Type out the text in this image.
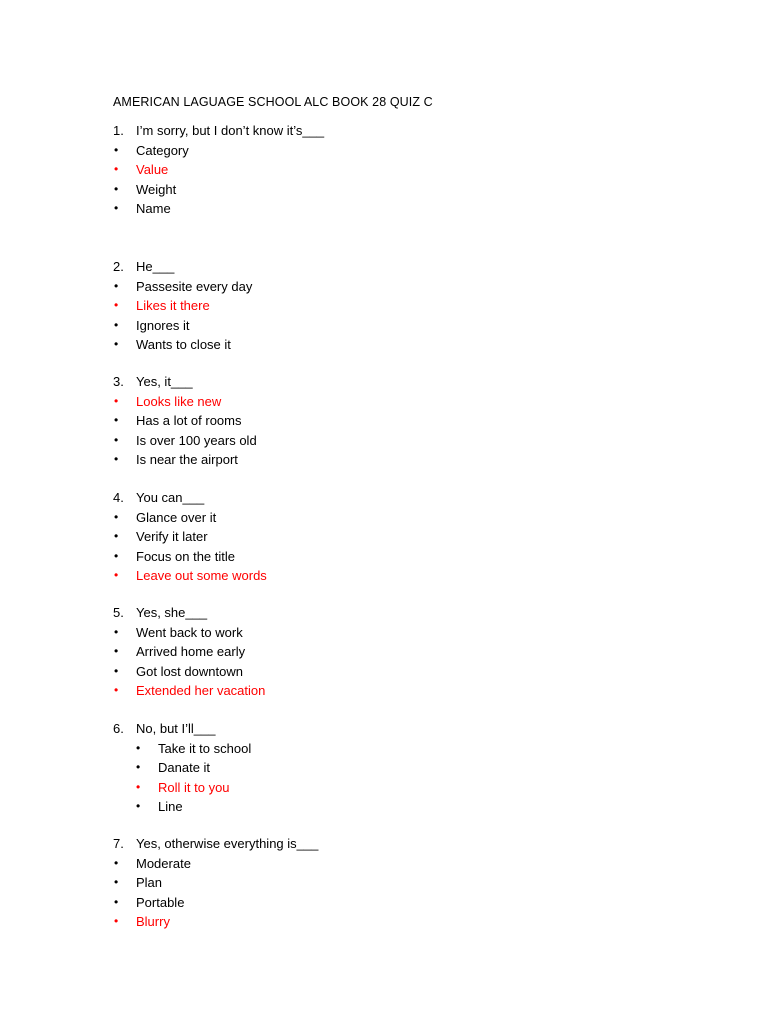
AMERICAN LAGUAGE SCHOOL ALC BOOK 28 QUIZ C
1. I’m sorry, but I don’t know it’s___
• Category
• Value
• Weight
• Name
2. He___
• Passesite every day
• Likes it there
• Ignores it
• Wants to close it
3. Yes, it___
• Looks like new
• Has a lot of rooms
• Is over 100 years old
• Is near the airport
4. You can___
• Glance over it
• Verify it later
• Focus on the title
• Leave out some words
5. Yes, she___
• Went back to work
• Arrived home early
• Got lost downtown
• Extended her vacation
6. No, but I’ll___
• Take it to school
• Danate it
• Roll it to you
• Line
7. Yes, otherwise everything is___
• Moderate
• Plan
• Portable
• Blurry
